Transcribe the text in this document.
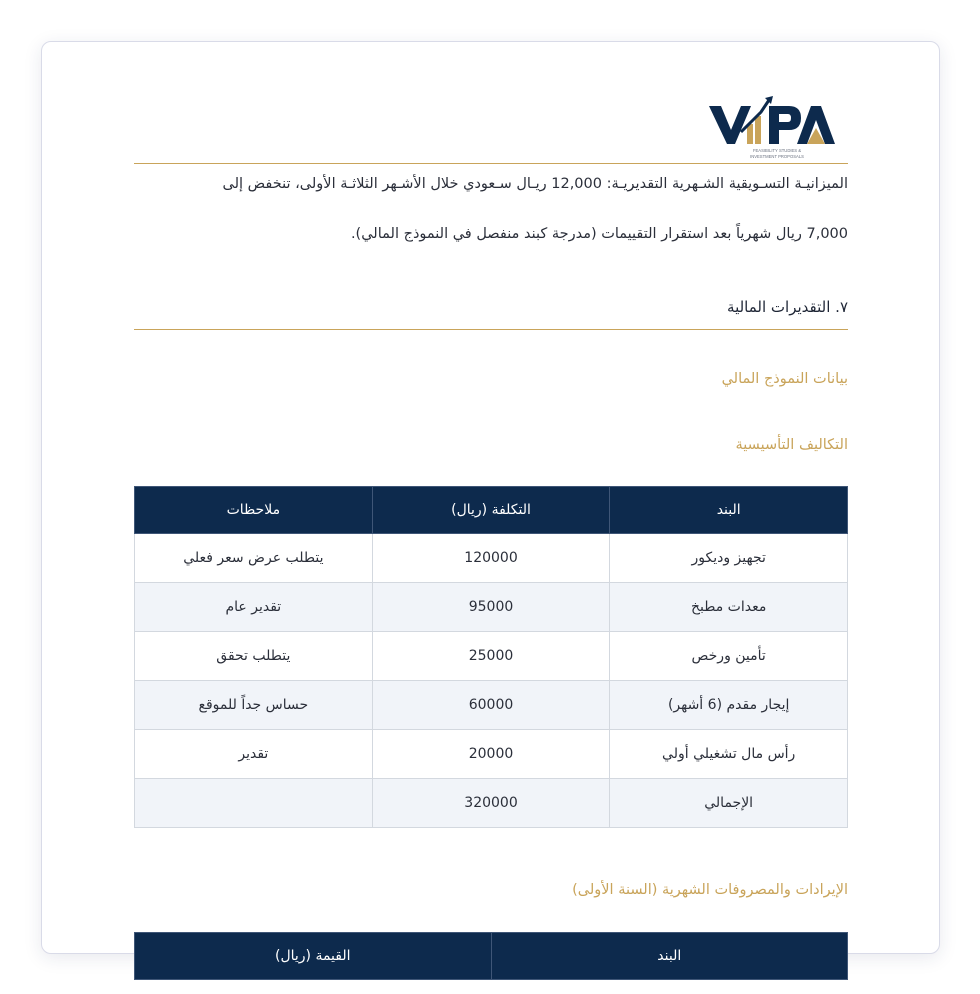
FEASIBILITY STUDIES &
INVESTMENT PROPOSALS
الميزانيـة التسـويقية الشـهرية التقديريـة: 12,000 ريـال سـعودي خلال الأشـهر الثلاثـة الأولى، تنخفض إلى
7,000 ريال شهرياً بعد استقرار التقييمات (مدرجة كبند منفصل في النموذج المالي).
٧. التقديرات المالية
بيانات النموذج المالي
التكاليف التأسيسية
البند	التكلفة (ريال)	ملاحظات
تجهيز وديكور	120000	يتطلب عرض سعر فعلي
معدات مطبخ	95000	تقدير عام
تأمين ورخص	25000	يتطلب تحقق
إيجار مقدم (6 أشهر)	60000	حساس جداً للموقع
رأس مال تشغيلي أولي	20000	تقدير
الإجمالي	320000	
الإيرادات والمصروفات الشهرية (السنة الأولى)
البند	القيمة (ريال)
